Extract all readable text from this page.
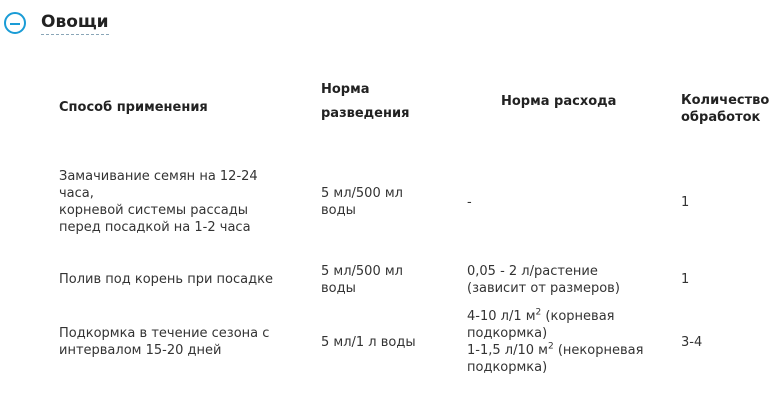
Овощи
Способ применения
Норма
разведения
Норма расхода	Количество
обработок
Замачивание семян на 12-24
часа,
корневой системы рассады
перед посадкой на 1-2 часа
5 мл/500 мл
воды
-	1
Полив под корень при посадке
5 мл/500 мл
воды
0,05 - 2 л/растение
(зависит от размеров)
1
Подкормка в течение сезона с
интервалом 15-20 дней
5 мл/1 л воды
4-10 л/1 $м^2$ (корневая
подкормка)
1-1,5 л/10 $м^2$ (некорневая
подкормка)
3-4
